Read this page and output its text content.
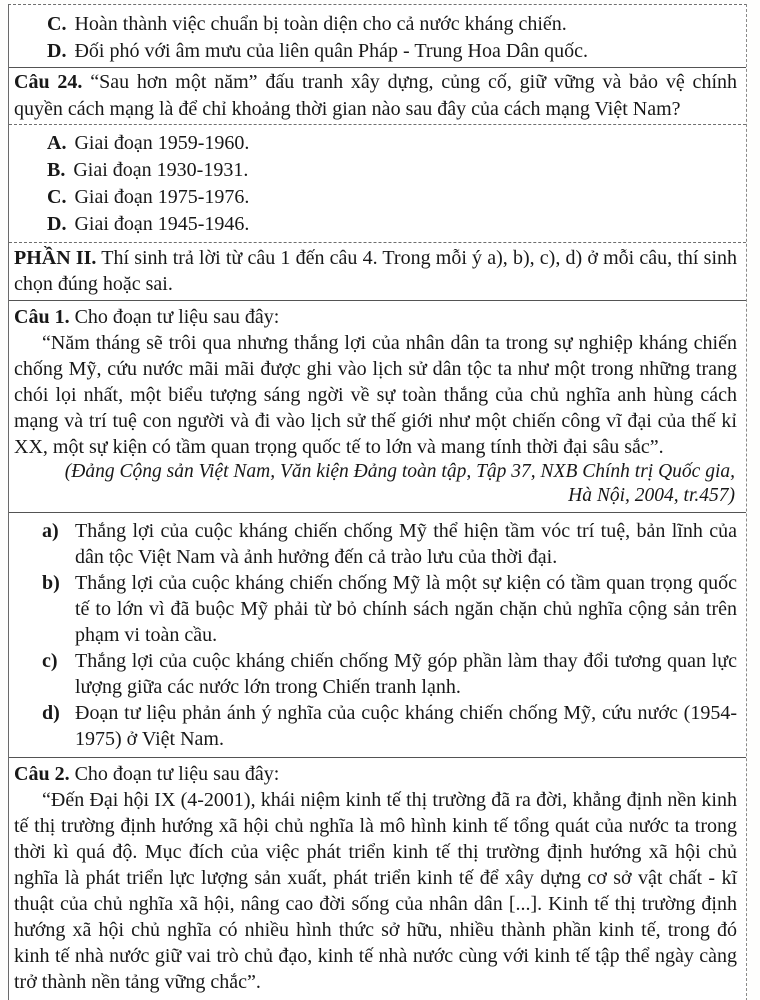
C. Hoàn thành việc chuẩn bị toàn diện cho cả nước kháng chiến.
D. Đối phó với âm mưu của liên quân Pháp - Trung Hoa Dân quốc.

Câu 24. “Sau hơn một năm” đấu tranh xây dựng, củng cố, giữ vững và bảo vệ chính quyền cách mạng là để chỉ khoảng thời gian nào sau đây của cách mạng Việt Nam?

A. Giai đoạn 1959-1960.
B. Giai đoạn 1930-1931.
C. Giai đoạn 1975-1976.
D. Giai đoạn 1945-1946.

PHẦN II. Thí sinh trả lời từ câu 1 đến câu 4. Trong mỗi ý a), b), c), d) ở mỗi câu, thí sinh chọn đúng hoặc sai.

Câu 1. Cho đoạn tư liệu sau đây:

“Năm tháng sẽ trôi qua nhưng thắng lợi của nhân dân ta trong sự nghiệp kháng chiến chống Mỹ, cứu nước mãi mãi được ghi vào lịch sử dân tộc ta như một trong những trang chói lọi nhất, một biểu tượng sáng ngời về sự toàn thắng của chủ nghĩa anh hùng cách mạng và trí tuệ con người và đi vào lịch sử thế giới như một chiến công vĩ đại của thế kỉ XX, một sự kiện có tầm quan trọng quốc tế to lớn và mang tính thời đại sâu sắc”.

(Đảng Cộng sản Việt Nam, Văn kiện Đảng toàn tập, Tập 37, NXB Chính trị Quốc gia,
Hà Nội, 2004, tr.457)
a) Thắng lợi của cuộc kháng chiến chống Mỹ thể hiện tầm vóc trí tuệ, bản lĩnh của dân tộc Việt Nam và ảnh hưởng đến cả trào lưu của thời đại.
b) Thắng lợi của cuộc kháng chiến chống Mỹ là một sự kiện có tầm quan trọng quốc tế to lớn vì đã buộc Mỹ phải từ bỏ chính sách ngăn chặn chủ nghĩa cộng sản trên phạm vi toàn cầu.
c) Thắng lợi của cuộc kháng chiến chống Mỹ góp phần làm thay đổi tương quan lực lượng giữa các nước lớn trong Chiến tranh lạnh.
d) Đoạn tư liệu phản ánh ý nghĩa của cuộc kháng chiến chống Mỹ, cứu nước (1954-1975) ở Việt Nam.

Câu 2. Cho đoạn tư liệu sau đây:

“Đến Đại hội IX (4-2001), khái niệm kinh tế thị trường đã ra đời, khẳng định nền kinh tế thị trường định hướng xã hội chủ nghĩa là mô hình kinh tế tổng quát của nước ta trong thời kì quá độ. Mục đích của việc phát triển kinh tế thị trường định hướng xã hội chủ nghĩa là phát triển lực lượng sản xuất, phát triển kinh tế để xây dựng cơ sở vật chất - kĩ thuật của chủ nghĩa xã hội, nâng cao đời sống của nhân dân [...]. Kinh tế thị trường định hướng xã hội chủ nghĩa có nhiều hình thức sở hữu, nhiều thành phần kinh tế, trong đó kinh tế nhà nước giữ vai trò chủ đạo, kinh tế nhà nước cùng với kinh tế tập thể ngày càng trở thành nền tảng vững chắc”.
